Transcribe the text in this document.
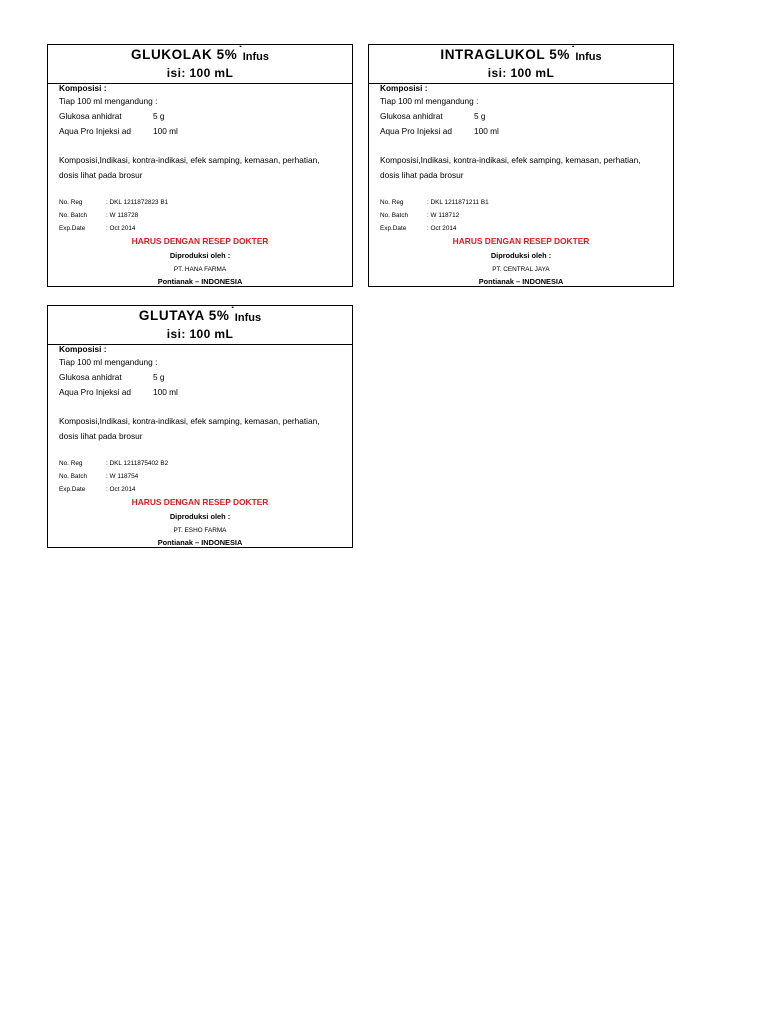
GLUKOLAK 5%˙Infus
isi: 100 mL
Komposisi :
Tiap 100 ml mengandung :
Glukosa anhidrat	5 g
Aqua Pro Injeksi ad	100 ml
Komposisi,Indikasi, kontra-indikasi, efek samping, kemasan, perhatian,
dosis lihat pada brosur
No. Reg	: DKL 1211872823 B1
No. Batch	: W 118728
Exp.Date	: Oct 2014
HARUS DENGAN RESEP DOKTER
Diproduksi oleh :
PT. HANA FARMA
Pontianak – INDONESIA
INTRAGLUKOL 5%˙Infus
isi: 100 mL
Komposisi :
Tiap 100 ml mengandung :
Glukosa anhidrat	5 g
Aqua Pro Injeksi ad	100 ml
Komposisi,Indikasi, kontra-indikasi, efek samping, kemasan, perhatian,
dosis lihat pada brosur
No. Reg	: DKL 1211871211 B1
No. Batch	: W 118712
Exp.Date	: Oct 2014
HARUS DENGAN RESEP DOKTER
Diproduksi oleh :
PT. CENTRAL JAYA
Pontianak – INDONESIA
GLUTAYA 5%˙Infus
isi: 100 mL
Komposisi :
Tiap 100 ml mengandung :
Glukosa anhidrat	5 g
Aqua Pro Injeksi ad	100 ml
Komposisi,Indikasi, kontra-indikasi, efek samping, kemasan, perhatian,
dosis lihat pada brosur
No. Reg	: DKL 1211875402 B2
No. Batch	: W 118754
Exp.Date	: Oct 2014
HARUS DENGAN RESEP DOKTER
Diproduksi oleh :
PT. ESHO FARMA
Pontianak – INDONESIA
